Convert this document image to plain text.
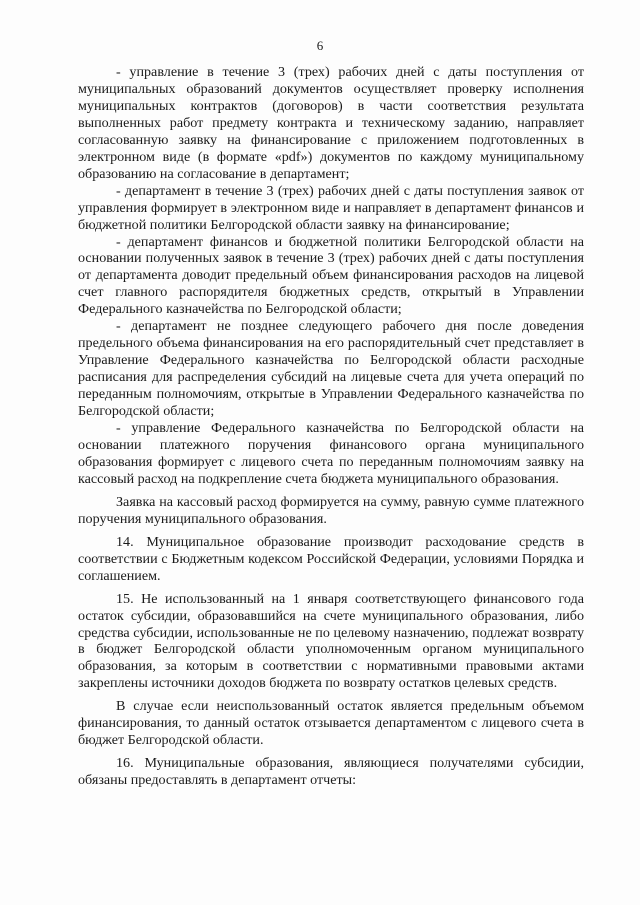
6

- управление в течение 3 (трех) рабочих дней с даты поступления от муниципальных образований документов осуществляет проверку исполнения муниципальных контрактов (договоров) в части соответствия результата выполненных работ предмету контракта и техническому заданию, направляет согласованную заявку на финансирование с приложением подготовленных в электронном виде (в формате «pdf») документов по каждому муниципальному образованию на согласование в департамент;

- департамент в течение 3 (трех) рабочих дней с даты поступления заявок от управления формирует в электронном виде и направляет в департамент финансов и бюджетной политики Белгородской области заявку на финансирование;

- департамент финансов и бюджетной политики Белгородской области на основании полученных заявок в течение 3 (трех) рабочих дней с даты поступления от департамента доводит предельный объем финансирования расходов на лицевой счет главного распорядителя бюджетных средств, открытый в Управлении Федерального казначейства по Белгородской области;

- департамент не позднее следующего рабочего дня после доведения предельного объема финансирования на его распорядительный счет представляет в Управление Федерального казначейства по Белгородской области расходные расписания для распределения субсидий на лицевые счета для учета операций по переданным полномочиям, открытые в Управлении Федерального казначейства по Белгородской области;

- управление Федерального казначейства по Белгородской области на основании платежного поручения финансового органа муниципального образования формирует с лицевого счета по переданным полномочиям заявку на кассовый расход на подкрепление счета бюджета муниципального образования.

Заявка на кассовый расход формируется на сумму, равную сумме платежного поручения муниципального образования.

14. Муниципальное образование производит расходование средств в соответствии с Бюджетным кодексом Российской Федерации, условиями Порядка и соглашением.

15. Не использованный на 1 января соответствующего финансового года остаток субсидии, образовавшийся на счете муниципального образования, либо средства субсидии, использованные не по целевому назначению, подлежат возврату в бюджет Белгородской области уполномоченным органом муниципального образования, за которым в соответствии с нормативными правовыми актами закреплены источники доходов бюджета по возврату остатков целевых средств.

В случае если неиспользованный остаток является предельным объемом финансирования, то данный остаток отзывается департаментом с лицевого счета в бюджет Белгородской области.

16. Муниципальные образования, являющиеся получателями субсидии, обязаны предоставлять в департамент отчеты:
